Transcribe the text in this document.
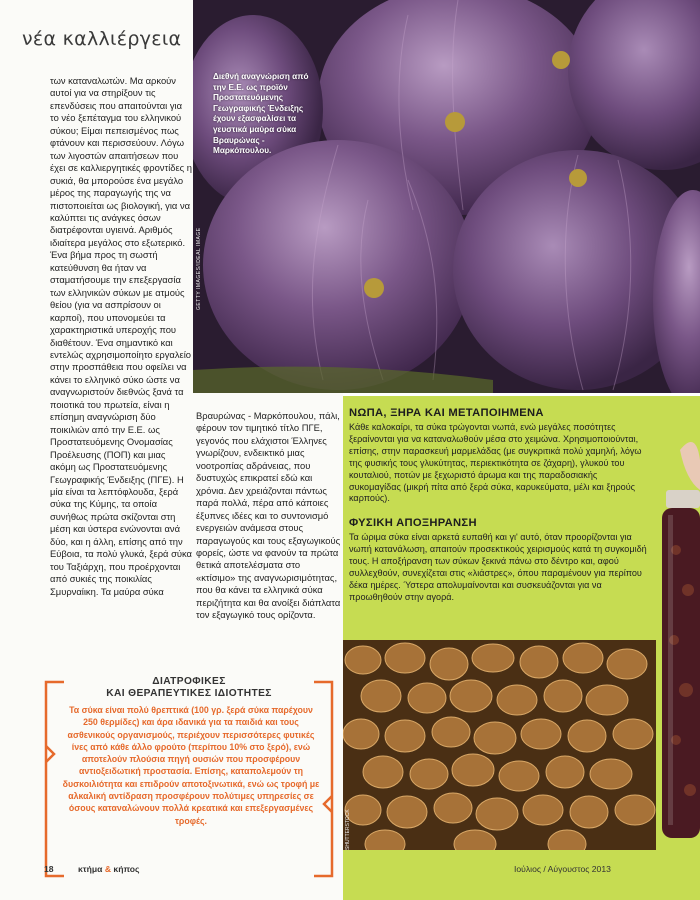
νέα καλλιέργεια
των καταναλωτών. Μα αρκούν αυτοί για να στηρίξουν τις επενδύσεις που απαιτούνται για το νέο ξεπέταγμα του ελληνικού σύκου; Είμαι πεπεισμένος πως φτάνουν και περισσεύουν. Λόγω των λιγοστών απαιτήσεων που έχει σε καλλιεργητικές φροντίδες η συκιά, θα μπορούσε ένα μεγάλο μέρος της παραγωγής της να πιστοποιείται ως βιολογική, για να καλύπτει τις ανάγκες όσων διατρέφονται υγιεινά. Αριθμός ιδιαίτερα μεγάλος στο εξωτερικό. Ένα βήμα προς τη σωστή κατεύθυνση θα ήταν να σταματήσουμε την επεξεργασία των ελληνικών σύκων με ατμούς θείου (για να ασπρίσουν οι καρποί), που υπονομεύει τα χαρακτηριστικά υπεροχής που διαθέτουν. Ένα σημαντικό και εντελώς αχρησιμοποίητο εργαλείο στην προσπάθεια που οφείλει να κάνει το ελληνικό σύκο ώστε να αναγνωριστούν διεθνώς ξανά τα ποιοτικά του πρωτεία, είναι η επίσημη αναγνώριση δύο ποικιλιών από την Ε.Ε. ως Προστατευόμενης Ονομασίας Προέλευσης (ΠΟΠ) και μιας ακόμη ως Προστατευόμενης Γεωγραφικής Ένδειξης (ΠΓΕ). Η μία είναι τα λεπτόφλουδα, ξερά σύκα της Κύμης, τα οποία συνήθως πρώτα σκίζονται στη μέση και ύστερα ενώνονται ανά δύο, και η άλλη, επίσης από την Εύβοια, τα πολύ γλυκά, ξερά σύκα του Ταξιάρχη, που προέρχονται από συκιές της ποικιλίας Σμυρναίικη. Τα μαύρα σύκα
Διεθνή αναγνώριση από την Ε.Ε. ως προϊόν Προστατευόμενης Γεωγραφικής Ένδειξης έχουν εξασφαλίσει τα γευστικά μαύρα σύκα Βραυρώνας - Μαρκόπουλου.
GETTY IMAGES/IDEAL IMAGE
Βραυρώνας - Μαρκόπουλου, πάλι, φέρουν τον τιμητικό τίτλο ΠΓΕ, γεγονός που ελάχιστοι Έλληνες γνωρίζουν, ενδεικτικό μιας νοοτροπίας αδράνειας, που δυστυχώς επικρατεί εδώ και χρόνια. Δεν χρειάζονται πάντως παρά πολλά, πέρα από κάποιες έξυπνες ιδέες και το συντονισμό ενεργειών ανάμεσα στους παραγωγούς και τους εξαγωγικούς φορείς, ώστε να φανούν τα πρώτα θετικά αποτελέσματα στο «κτίσιμο» της αναγνωρισιμότητας, που θα κάνει τα ελληνικά σύκα περιζήτητα και θα ανοίξει διάπλατα τον εξαγωγικό τους ορίζοντα.
ΝΩΠΑ, ΞΗΡΑ ΚΑΙ ΜΕΤΑΠΟΙΗΜΕΝΑ
Κάθε καλοκαίρι, τα σύκα τρώγονται νωπά, ενώ μεγάλες ποσότητες ξεραίνονται για να καταναλωθούν μέσα στο χειμώνα. Χρησιμοποιούνται, επίσης, στην παρασκευή μαρμελάδας (με συγκριτικά πολύ χαμηλή, λόγω της φυσικής τους γλυκύτητας, περιεκτικότητα σε ζάχαρη), γλυκού του κουταλιού, ποτών με ξεχωριστό άρωμα και της παραδοσιακής συκομαγίδας (μικρή πίτα από ξερά σύκα, καρυκεύματα, μέλι και ξηρούς καρπούς).
ΦΥΣΙΚΗ ΑΠΟΞΗΡΑΝΣΗ
Τα ώριμα σύκα είναι αρκετά ευπαθή και γι' αυτό, όταν προορίζονται για νωπή κατανάλωση, απαιτούν προσεκτικούς χειρισμούς κατά τη συγκομιδή τους. Η αποξήρανση των σύκων ξεκινά πάνω στο δέντρο και, αφού συλλεχθούν, συνεχίζεται στις «λιάστρες», όπου παραμένουν για περίπου δέκα ημέρες. Ύστερα απολυμαίνονται και συσκευάζονται για να προωθηθούν στην αγορά.
SHUTTERSTOCK
ΔΙΑΤΡΟΦΙΚΕΣ
ΚΑΙ ΘΕΡΑΠΕΥΤΙΚΕΣ ΙΔΙΟΤΗΤΕΣ
Τα σύκα είναι πολύ θρεπτικά (100 γρ. ξερά σύκα παρέχουν 250 θερμίδες) και άρα ιδανικά για τα παιδιά και τους ασθενικούς οργανισμούς, περιέχουν περισσότερες φυτικές ίνες από κάθε άλλο φρούτο (περίπου 10% στο ξερό), ενώ αποτελούν πλούσια πηγή ουσιών που προσφέρουν αντιοξειδωτική προστασία. Επίσης, καταπολεμούν τη δυσκοιλιότητα και επιδρούν αποτοξινωτικά, ενώ ως τροφή με αλκαλική αντίδραση προσφέρουν πολύτιμες υπηρεσίες σε όσους καταναλώνουν πολλά κρεατικά και επεξεργασμένες τροφές.
18	κτήμα & κήπος	Ιούλιος / Αύγουστος 2013
